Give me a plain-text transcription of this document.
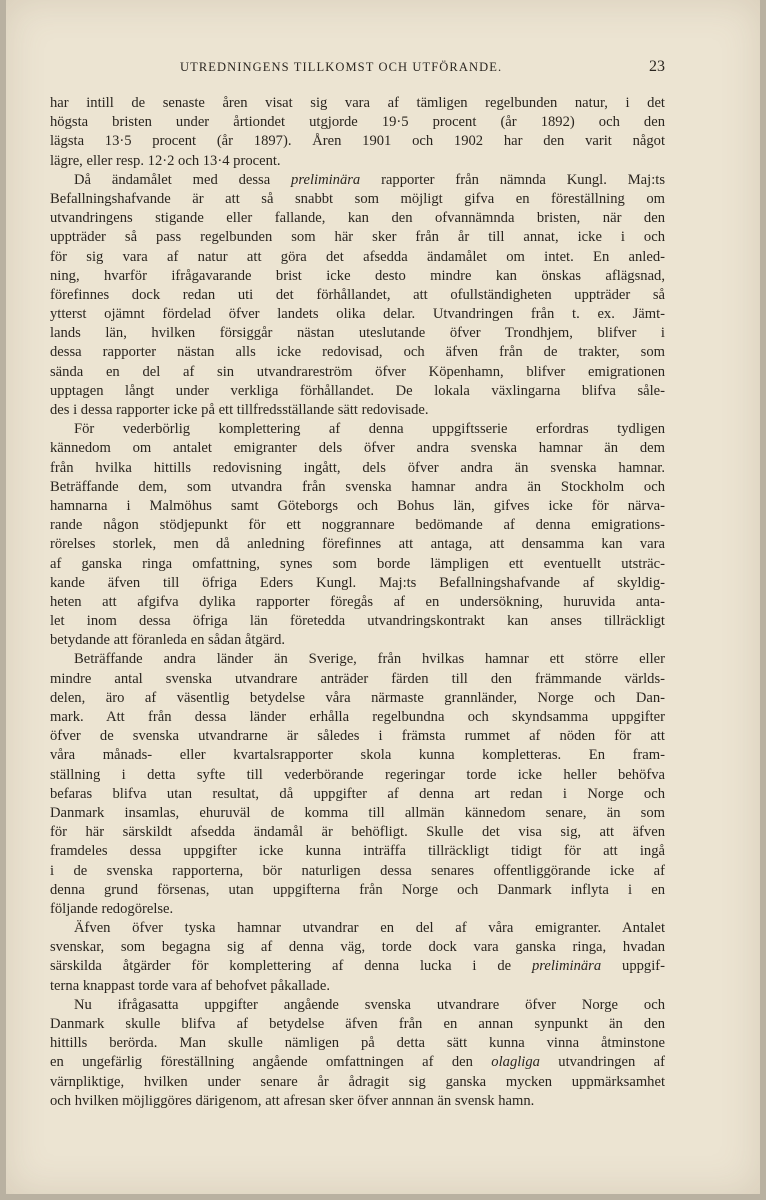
UTREDNINGENS TILLKOMST OCH UTFÖRANDE.	23
har intill de senaste åren visat sig vara af tämligen regelbunden natur, i det
högsta bristen under årtiondet utgjorde 19·5 procent (år 1892) och den
lägsta 13·5 procent (år 1897). Åren 1901 och 1902 har den varit något
lägre, eller resp. 12·2 och 13·4 procent.
Då ändamålet med dessa preliminära rapporter från nämnda Kungl. Maj:ts
Befallningshafvande är att så snabbt som möjligt gifva en föreställning om
utvandringens stigande eller fallande, kan den ofvannämnda bristen, när den
uppträder så pass regelbunden som här sker från år till annat, icke i och
för sig vara af natur att göra det afsedda ändamålet om intet. En anled-
ning, hvarför ifrågavarande brist icke desto mindre kan önskas aflägsnad,
förefinnes dock redan uti det förhållandet, att ofullständigheten uppträder så
ytterst ojämnt fördelad öfver landets olika delar. Utvandringen från t. ex. Jämt-
lands län, hvilken försiggår nästan uteslutande öfver Trondhjem, blifver i
dessa rapporter nästan alls icke redovisad, och äfven från de trakter, som
sända en del af sin utvandrareström öfver Köpenhamn, blifver emigrationen
upptagen långt under verkliga förhållandet. De lokala växlingarna blifva såle-
des i dessa rapporter icke på ett tillfredsställande sätt redovisade.
För vederbörlig komplettering af denna uppgiftsserie erfordras tydligen
kännedom om antalet emigranter dels öfver andra svenska hamnar än dem
från hvilka hittills redovisning ingått, dels öfver andra än svenska hamnar.
Beträffande dem, som utvandra från svenska hamnar andra än Stockholm och
hamnarna i Malmöhus samt Göteborgs och Bohus län, gifves icke för närva-
rande någon stödjepunkt för ett noggrannare bedömande af denna emigrations-
rörelses storlek, men då anledning förefinnes att antaga, att densamma kan vara
af ganska ringa omfattning, synes som borde lämpligen ett eventuellt utsträc-
kande äfven till öfriga Eders Kungl. Maj:ts Befallningshafvande af skyldig-
heten att afgifva dylika rapporter föregås af en undersökning, huruvida anta-
let inom dessa öfriga län företedda utvandringskontrakt kan anses tillräckligt
betydande att föranleda en sådan åtgärd.
Beträffande andra länder än Sverige, från hvilkas hamnar ett större eller
mindre antal svenska utvandrare anträder färden till den främmande världs-
delen, äro af väsentlig betydelse våra närmaste grannländer, Norge och Dan-
mark. Att från dessa länder erhålla regelbundna och skyndsamma uppgifter
öfver de svenska utvandrarne är således i främsta rummet af nöden för att
våra månads- eller kvartalsrapporter skola kunna kompletteras. En fram-
ställning i detta syfte till vederbörande regeringar torde icke heller behöfva
befaras blifva utan resultat, då uppgifter af denna art redan i Norge och
Danmark insamlas, ehuruväl de komma till allmän kännedom senare, än som
för här särskildt afsedda ändamål är behöfligt. Skulle det visa sig, att äfven
framdeles dessa uppgifter icke kunna inträffa tillräckligt tidigt för att ingå
i de svenska rapporterna, bör naturligen dessa senares offentliggörande icke af
denna grund försenas, utan uppgifterna från Norge och Danmark inflyta i en
följande redogörelse.
Äfven öfver tyska hamnar utvandrar en del af våra emigranter. Antalet
svenskar, som begagna sig af denna väg, torde dock vara ganska ringa, hvadan
särskilda åtgärder för komplettering af denna lucka i de preliminära uppgif-
terna knappast torde vara af behofvet påkallade.
Nu ifrågasatta uppgifter angående svenska utvandrare öfver Norge och
Danmark skulle blifva af betydelse äfven från en annan synpunkt än den
hittills berörda. Man skulle nämligen på detta sätt kunna vinna åtminstone
en ungefärlig föreställning angående omfattningen af den olagliga utvandringen af
värnpliktige, hvilken under senare år ådragit sig ganska mycken uppmärksamhet
och hvilken möjliggöres därigenom, att afresan sker öfver annnan än svensk hamn.
